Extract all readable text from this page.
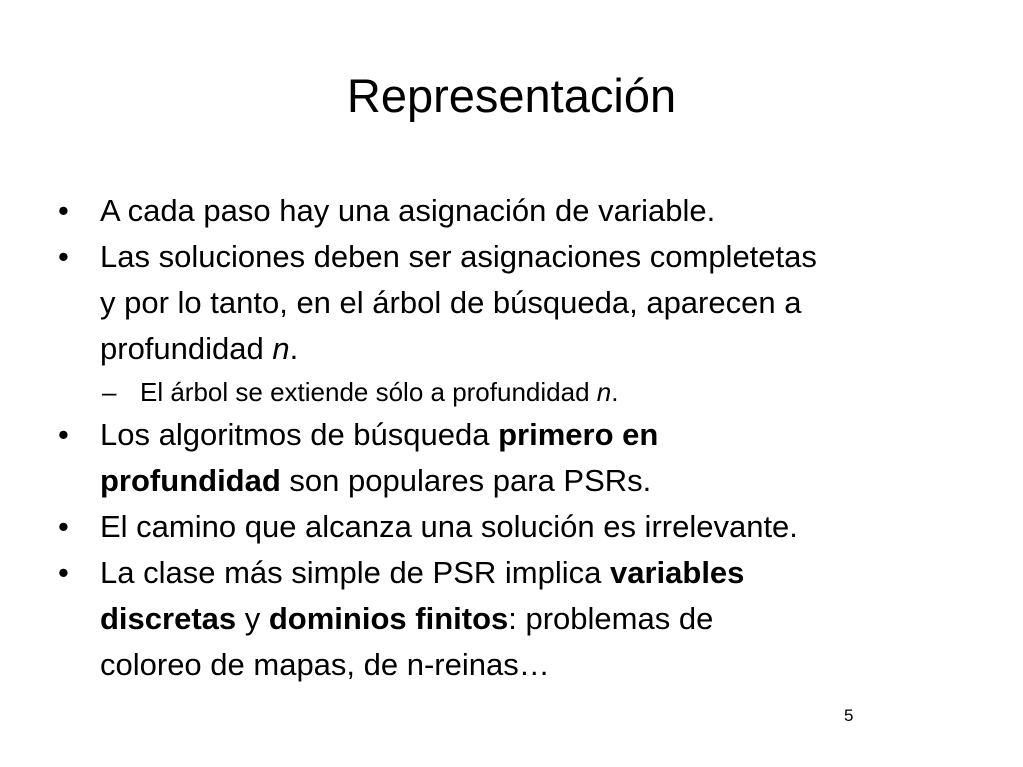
Representación
• A cada paso hay una asignación de variable.
• Las soluciones deben ser asignaciones completetas
y por lo tanto, en el árbol de búsqueda, aparecen a
profundidad n.
– El árbol se extiende sólo a profundidad n.
• Los algoritmos de búsqueda primero en
profundidad son populares para PSRs.
• El camino que alcanza una solución es irrelevante.
• La clase más simple de PSR implica variables
discretas y dominios finitos: problemas de
coloreo de mapas, de n-reinas…
5
